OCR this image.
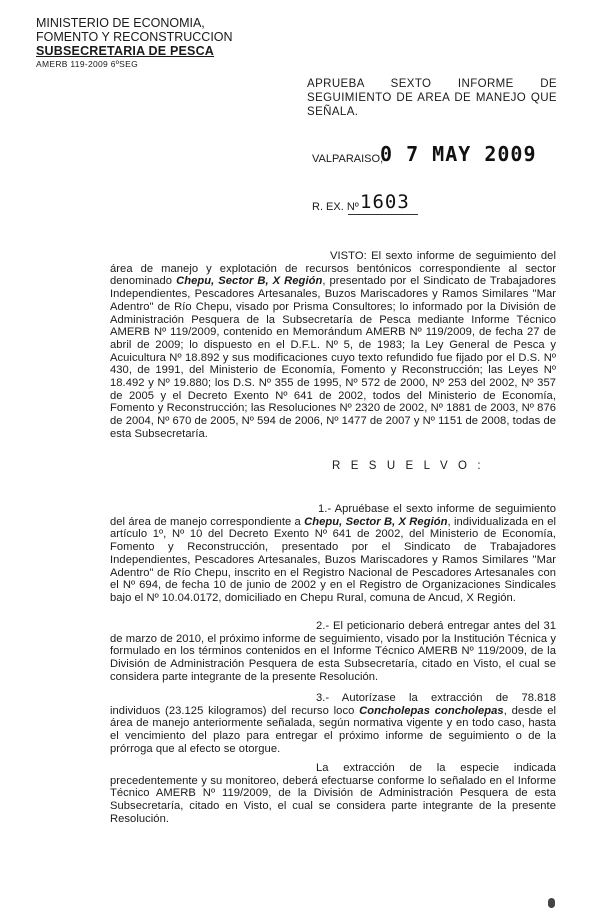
MINISTERIO DE ECONOMIA,
FOMENTO Y RECONSTRUCCION
SUBSECRETARIA DE PESCA
AMERB 119-2009 6ºSEG
APRUEBA SEXTO INFORME DE SEGUIMIENTO DE AREA DE MANEJO QUE SEÑALA.
VALPARAISO,
0 7 MAY 2009
R. EX. Nº 1603
VISTO: El sexto informe de seguimiento del área de manejo y explotación de recursos bentónicos correspondiente al sector denominado Chepu, Sector B, X Región, presentado por el Sindicato de Trabajadores Independientes, Pescadores Artesanales, Buzos Mariscadores y Ramos Similares "Mar Adentro" de Río Chepu, visado por Prisma Consultores; lo informado por la División de Administración Pesquera de la Subsecretaría de Pesca mediante Informe Técnico AMERB Nº 119/2009, contenido en Memorándum AMERB Nº 119/2009, de fecha 27 de abril de 2009; lo dispuesto en el D.F.L. Nº 5, de 1983; la Ley General de Pesca y Acuicultura Nº 18.892 y sus modificaciones cuyo texto refundido fue fijado por el D.S. Nº 430, de 1991, del Ministerio de Economía, Fomento y Reconstrucción; las Leyes Nº 18.492 y Nº 19.880; los D.S. Nº 355 de 1995, Nº 572 de 2000, Nº 253 del 2002, Nº 357 de 2005 y el Decreto Exento Nº 641 de 2002, todos del Ministerio de Economía, Fomento y Reconstrucción; las Resoluciones Nº 2320 de 2002, Nº 1881 de 2003, Nº 876 de 2004, Nº 670 de 2005, Nº 594 de 2006, Nº 1477 de 2007 y Nº 1151 de 2008, todas de esta Subsecretaría.
R E S U E L V O :
1.- Apruébase el sexto informe de seguimiento del área de manejo correspondiente a Chepu, Sector B, X Región, individualizada en el artículo 1º, Nº 10 del Decreto Exento Nº 641 de 2002, del Ministerio de Economía, Fomento y Reconstrucción, presentado por el Sindicato de Trabajadores Independientes, Pescadores Artesanales, Buzos Mariscadores y Ramos Similares "Mar Adentro" de Río Chepu, inscrito en el Registro Nacional de Pescadores Artesanales con el Nº 694, de fecha 10 de junio de 2002 y en el Registro de Organizaciones Sindicales bajo el Nº 10.04.0172, domiciliado en Chepu Rural, comuna de Ancud, X Región.
2.- El peticionario deberá entregar antes del 31 de marzo de 2010, el próximo informe de seguimiento, visado por la Institución Técnica y formulado en los términos contenidos en el Informe Técnico AMERB Nº 119/2009, de la División de Administración Pesquera de esta Subsecretaría, citado en Visto, el cual se considera parte integrante de la presente Resolución.
3.- Autorízase la extracción de 78.818 individuos (23.125 kilogramos) del recurso loco Concholepas concholepas, desde el área de manejo anteriormente señalada, según normativa vigente y en todo caso, hasta el vencimiento del plazo para entregar el próximo informe de seguimiento o de la prórroga que al efecto se otorgue.
La extracción de la especie indicada precedentemente y su monitoreo, deberá efectuarse conforme lo señalado en el Informe Técnico AMERB Nº 119/2009, de la División de Administración Pesquera de esta Subsecretaría, citado en Visto, el cual se considera parte integrante de la presente Resolución.
